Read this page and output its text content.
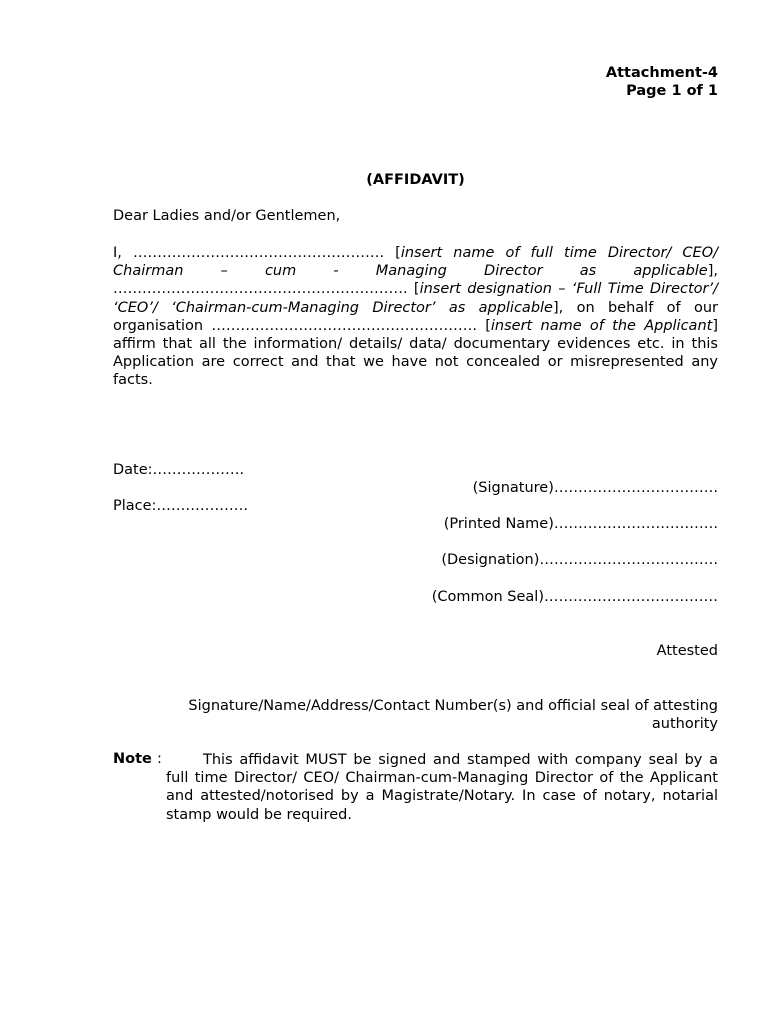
Attachment-4
Page 1 of 1
(AFFIDAVIT)
Dear Ladies and/or Gentlemen,
I, ……………………………………………. [insert name of full time Director/ CEO/ Chairman – cum - Managing Director as applicable], ……………………………………………………. [insert designation – ‘Full Time Director’/ ‘CEO’/ ‘Chairman-cum-Managing Director’ as applicable], on behalf of our organisation ………………………………………………. [insert name of the Applicant] affirm that all the information/ details/ data/ documentary evidences etc. in this Application are correct and that we have not concealed or misrepresented any facts.
Date:……………….
(Signature)…………………………….
Place:……………….
(Printed Name)…………………………….
(Designation)……………………………….
(Common Seal)………………………………
Attested
Signature/Name/Address/Contact Number(s) and official seal of attesting authority
Note :	This affidavit MUST be signed and stamped with company seal by a full time Director/ CEO/ Chairman-cum-Managing Director of the Applicant and attested/notorised by a Magistrate/Notary. In case of notary, notarial stamp would be required.
